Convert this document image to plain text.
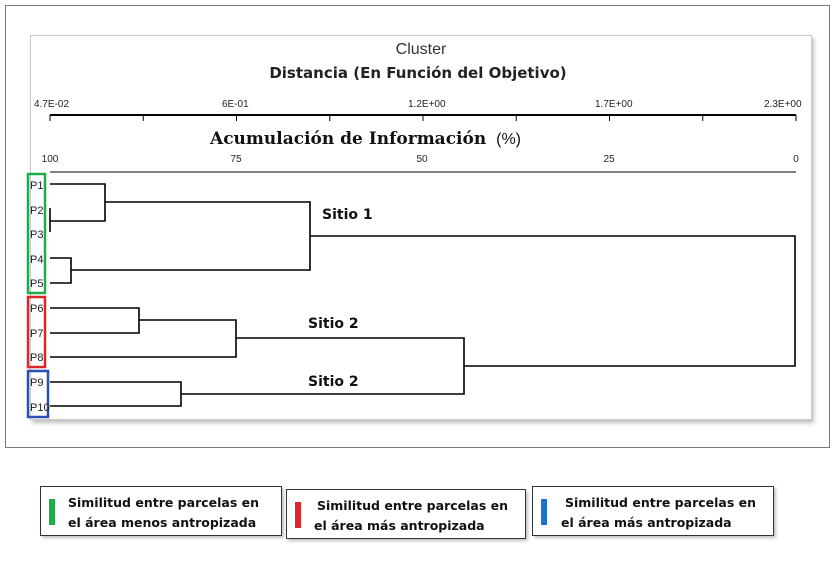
Cluster
Distancia (En Función del Objetivo)
4.7E-02	6E-01	1.2E+00	1.7E+00	2.3E+00
Acumulación de Información (%)
100	75	50	25	0
P1
P2
P3
P4
P5
P6
P7
P8
P9
P10
Sitio 1
Sitio 2
Sitio 2
Similitud entre parcelas en
el área menos antropizada
Similitud entre parcelas en
el área más antropizada
Similitud entre parcelas en
el área más antropizada
